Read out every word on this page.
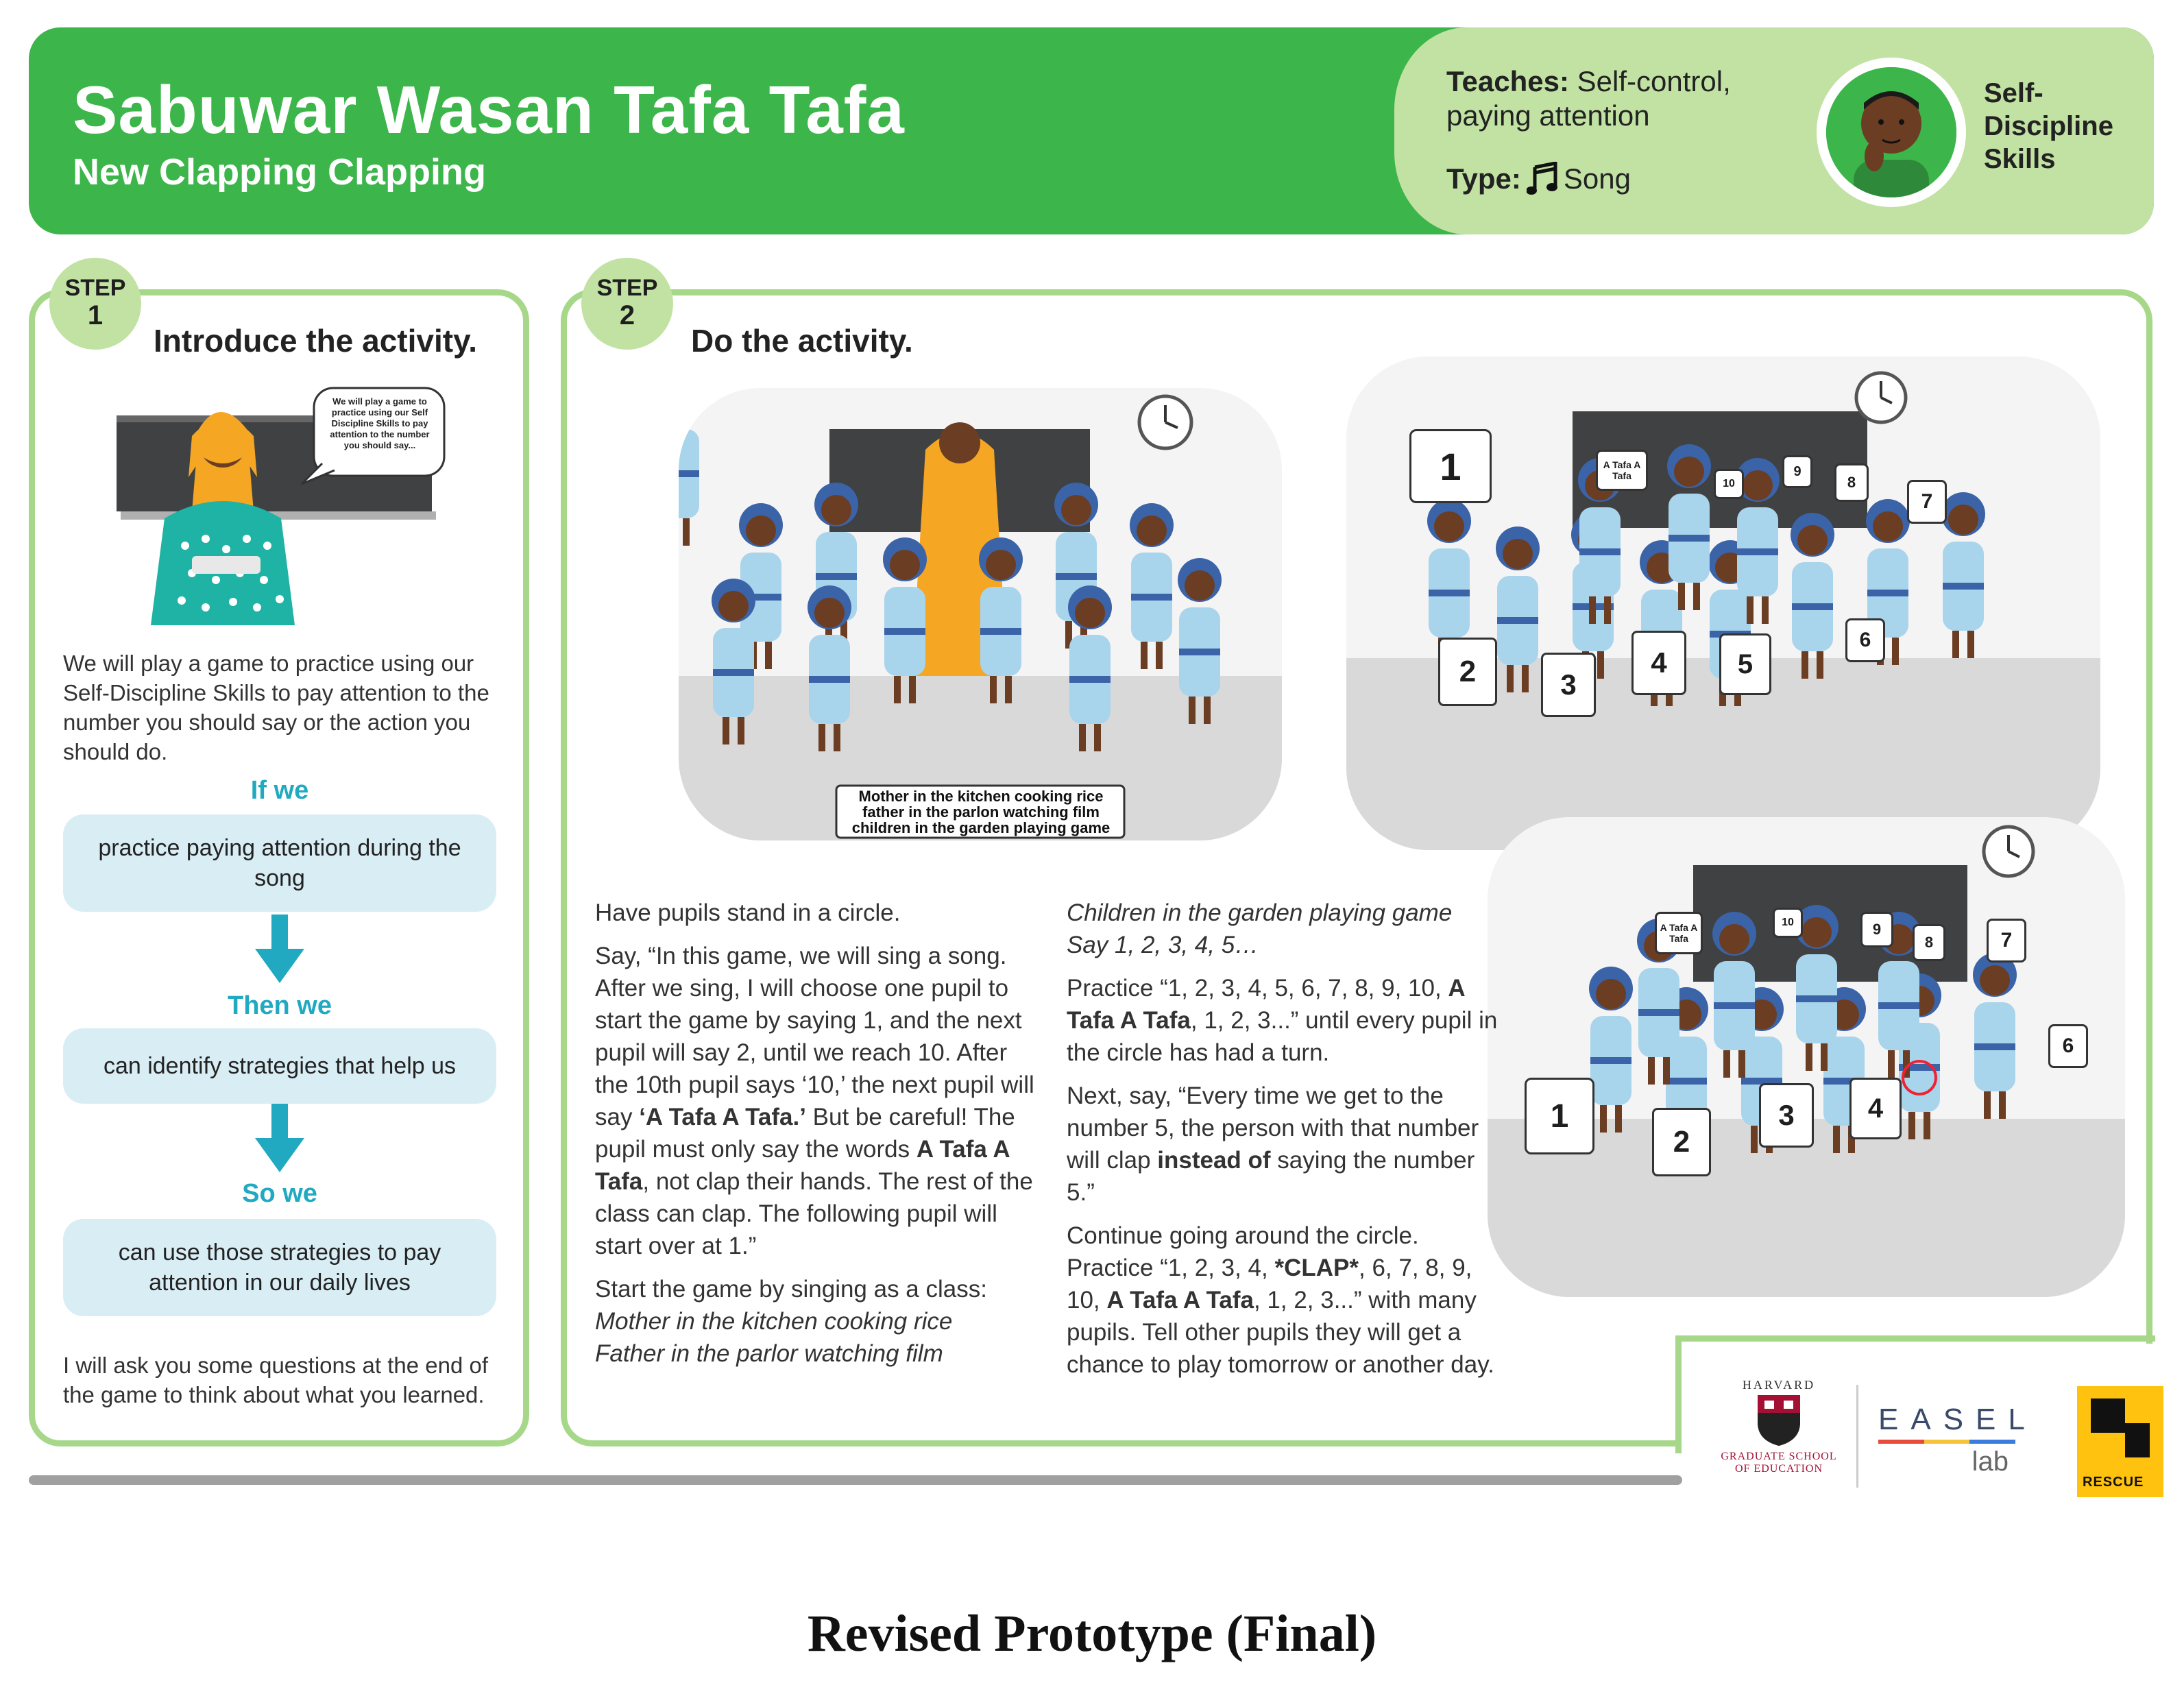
Sabuwar Wasan Tafa Tafa
New Clapping Clapping
Teaches: Self-control, paying attention
Type: Song
Self-
Discipline
Skills
STEP
1
Introduce the activity.
We will play a game to practice using our Self Discipline Skills to pay attention to the number you should say...
We will play a game to practice using our Self-Discipline Skills to pay attention to the number you should say or the action you should do.
If we
practice paying attention during the song
Then we
can identify strategies that help us
So we
can use those strategies to pay attention in our daily lives
I will ask you some questions at the end of the game to think about what you learned.
STEP
2
Do the activity.
Mother in the kitchen cooking rice
father in the parlon watching film
children in the garden playing game
1
2	3
4	5
6
7
8
9
10
A Tafa A Tafa
1
2
3	4
6
7
8
9
10
A Tafa A Tafa

Have pupils stand in a circle.

Say, “In this game, we will sing a song. After we sing, I will choose one pupil to start the game by saying 1, and the next pupil will say 2, until we reach 10. After the 10th pupil says ‘10,’ the next pupil will say ‘A Tafa A Tafa.’ But be careful! The pupil must only say the words A Tafa A Tafa, not clap their hands. The rest of the class can clap. The following pupil will start over at 1.”

Start the game by singing as a class:
Mother in the kitchen cooking rice
Father in the parlor watching film

Children in the garden playing game
Say 1, 2, 3, 4, 5…

Practice “1, 2, 3, 4, 5, 6, 7, 8, 9, 10, A Tafa A Tafa, 1, 2, 3...” until every pupil in the circle has had a turn.

Next, say, “Every time we get to the number 5, the person with that number will clap instead of saying the number 5.”

Continue going around the circle. Practice “1, 2, 3, 4, *CLAP*, 6, 7, 8, 9, 10, A Tafa A Tafa, 1, 2, 3...” with many pupils. Tell other pupils they will get a chance to play tomorrow or another day.

HARVARD
GRADUATE SCHOOL
OF EDUCATION
EASEL
lab
RESCUE
Revised Prototype (Final)
